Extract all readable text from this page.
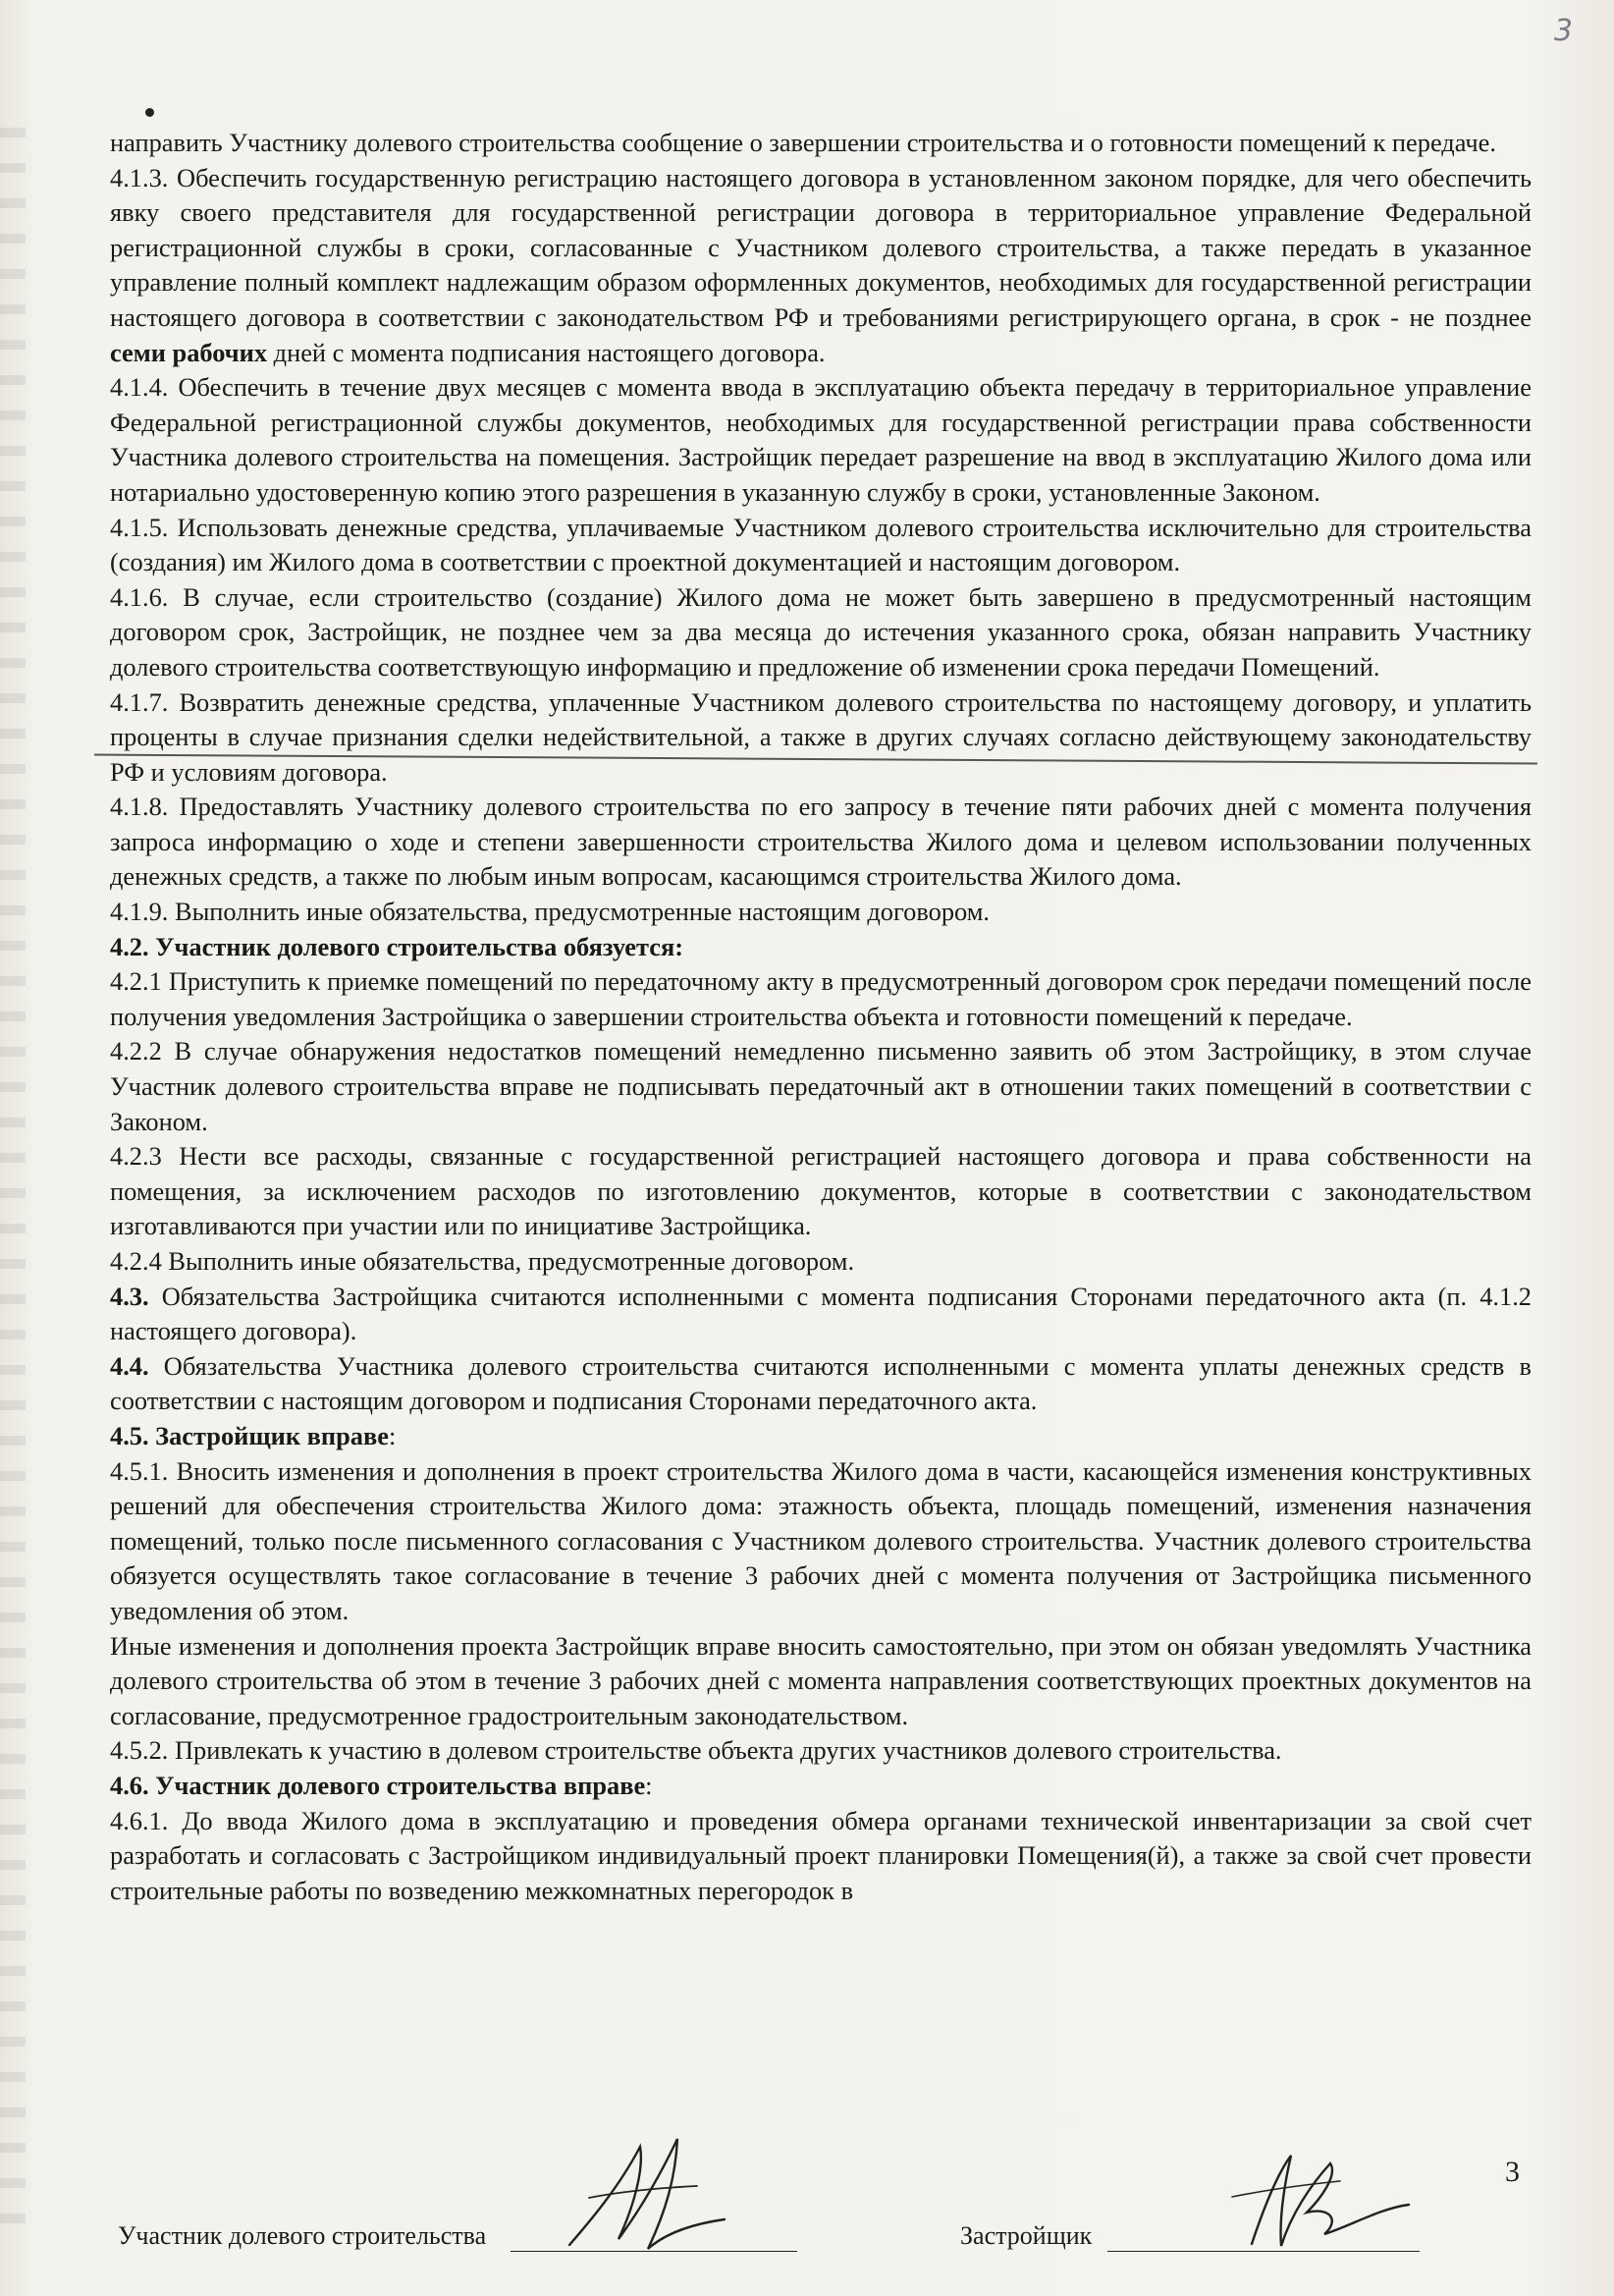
3

направить Участнику долевого строительства сообщение о завершении строительства и о готовности помещений к передаче.

4.1.3. Обеспечить государственную регистрацию настоящего договора в установленном законом порядке, для чего обеспечить явку своего представителя для государственной регистрации договора в территориальное управление Федеральной регистрационной службы в сроки, согласованные с Участником долевого строительства, а также передать в указанное управление полный комплект надлежащим образом оформленных документов, необходимых для государственной регистрации настоящего договора в соответствии с законодательством РФ и требованиями регистрирующего органа, в срок - не позднее семи рабочих дней с момента подписания настоящего договора.

4.1.4. Обеспечить в течение двух месяцев с момента ввода в эксплуатацию объекта передачу в территориальное управление Федеральной регистрационной службы документов, необходимых для государственной регистрации права собственности Участника долевого строительства на помещения. Застройщик передает разрешение на ввод в эксплуатацию Жилого дома или нотариально удостоверенную копию этого разрешения в указанную службу в сроки, установленные Законом.

4.1.5. Использовать денежные средства, уплачиваемые Участником долевого строительства исключительно для строительства (создания) им Жилого дома в соответствии с проектной документацией и настоящим договором.

4.1.6. В случае, если строительство (создание) Жилого дома не может быть завершено в предусмотренный настоящим договором срок, Застройщик, не позднее чем за два месяца до истечения указанного срока, обязан направить Участнику долевого строительства соответствующую информацию и предложение об изменении срока передачи Помещений.

4.1.7. Возвратить денежные средства, уплаченные Участником долевого строительства по настоящему договору, и уплатить проценты в случае признания сделки недействительной, а также в других случаях согласно действующему законодательству РФ и условиям договора.

4.1.8. Предоставлять Участнику долевого строительства по его запросу в течение пяти рабочих дней с момента получения запроса информацию о ходе и степени завершенности строительства Жилого дома и целевом использовании полученных денежных средств, а также по любым иным вопросам, касающимся строительства Жилого дома.

4.1.9. Выполнить иные обязательства, предусмотренные настоящим договором.

4.2. Участник долевого строительства обязуется:

4.2.1 Приступить к приемке помещений по передаточному акту в предусмотренный договором срок передачи помещений после получения уведомления Застройщика о завершении строительства объекта и готовности помещений к передаче.

4.2.2 В случае обнаружения недостатков помещений немедленно письменно заявить об этом Застройщику, в этом случае Участник долевого строительства вправе не подписывать передаточный акт в отношении таких помещений в соответствии с Законом.

4.2.3 Нести все расходы, связанные с государственной регистрацией настоящего договора и права собственности на помещения, за исключением расходов по изготовлению документов, которые в соответствии с законодательством изготавливаются при участии или по инициативе Застройщика.

4.2.4 Выполнить иные обязательства, предусмотренные договором.

4.3. Обязательства Застройщика считаются исполненными с момента подписания Сторонами передаточного акта (п. 4.1.2 настоящего договора).

4.4. Обязательства Участника долевого строительства считаются исполненными с момента уплаты денежных средств в соответствии с настоящим договором и подписания Сторонами передаточного акта.

4.5. Застройщик вправе:

4.5.1. Вносить изменения и дополнения в проект строительства Жилого дома в части, касающейся изменения конструктивных решений для обеспечения строительства Жилого дома: этажность объекта, площадь помещений, изменения назначения помещений, только после письменного согласования с Участником долевого строительства. Участник долевого строительства обязуется осуществлять такое согласование в течение 3 рабочих дней с момента получения от Застройщика письменного уведомления об этом.

Иные изменения и дополнения проекта Застройщик вправе вносить самостоятельно, при этом он обязан уведомлять Участника долевого строительства об этом в течение 3 рабочих дней с момента направления соответствующих проектных документов на согласование, предусмотренное градостроительным законодательством.

4.5.2. Привлекать к участию в долевом строительстве объекта других участников долевого строительства.

4.6. Участник долевого строительства вправе:

4.6.1. До ввода Жилого дома в эксплуатацию и проведения обмера органами технической инвентаризации за свой счет разработать и согласовать с Застройщиком индивидуальный проект планировки Помещения(й), а также за свой счет провести строительные работы по возведению межкомнатных перегородок в

3
Участник долевого строительства	Застройщик
